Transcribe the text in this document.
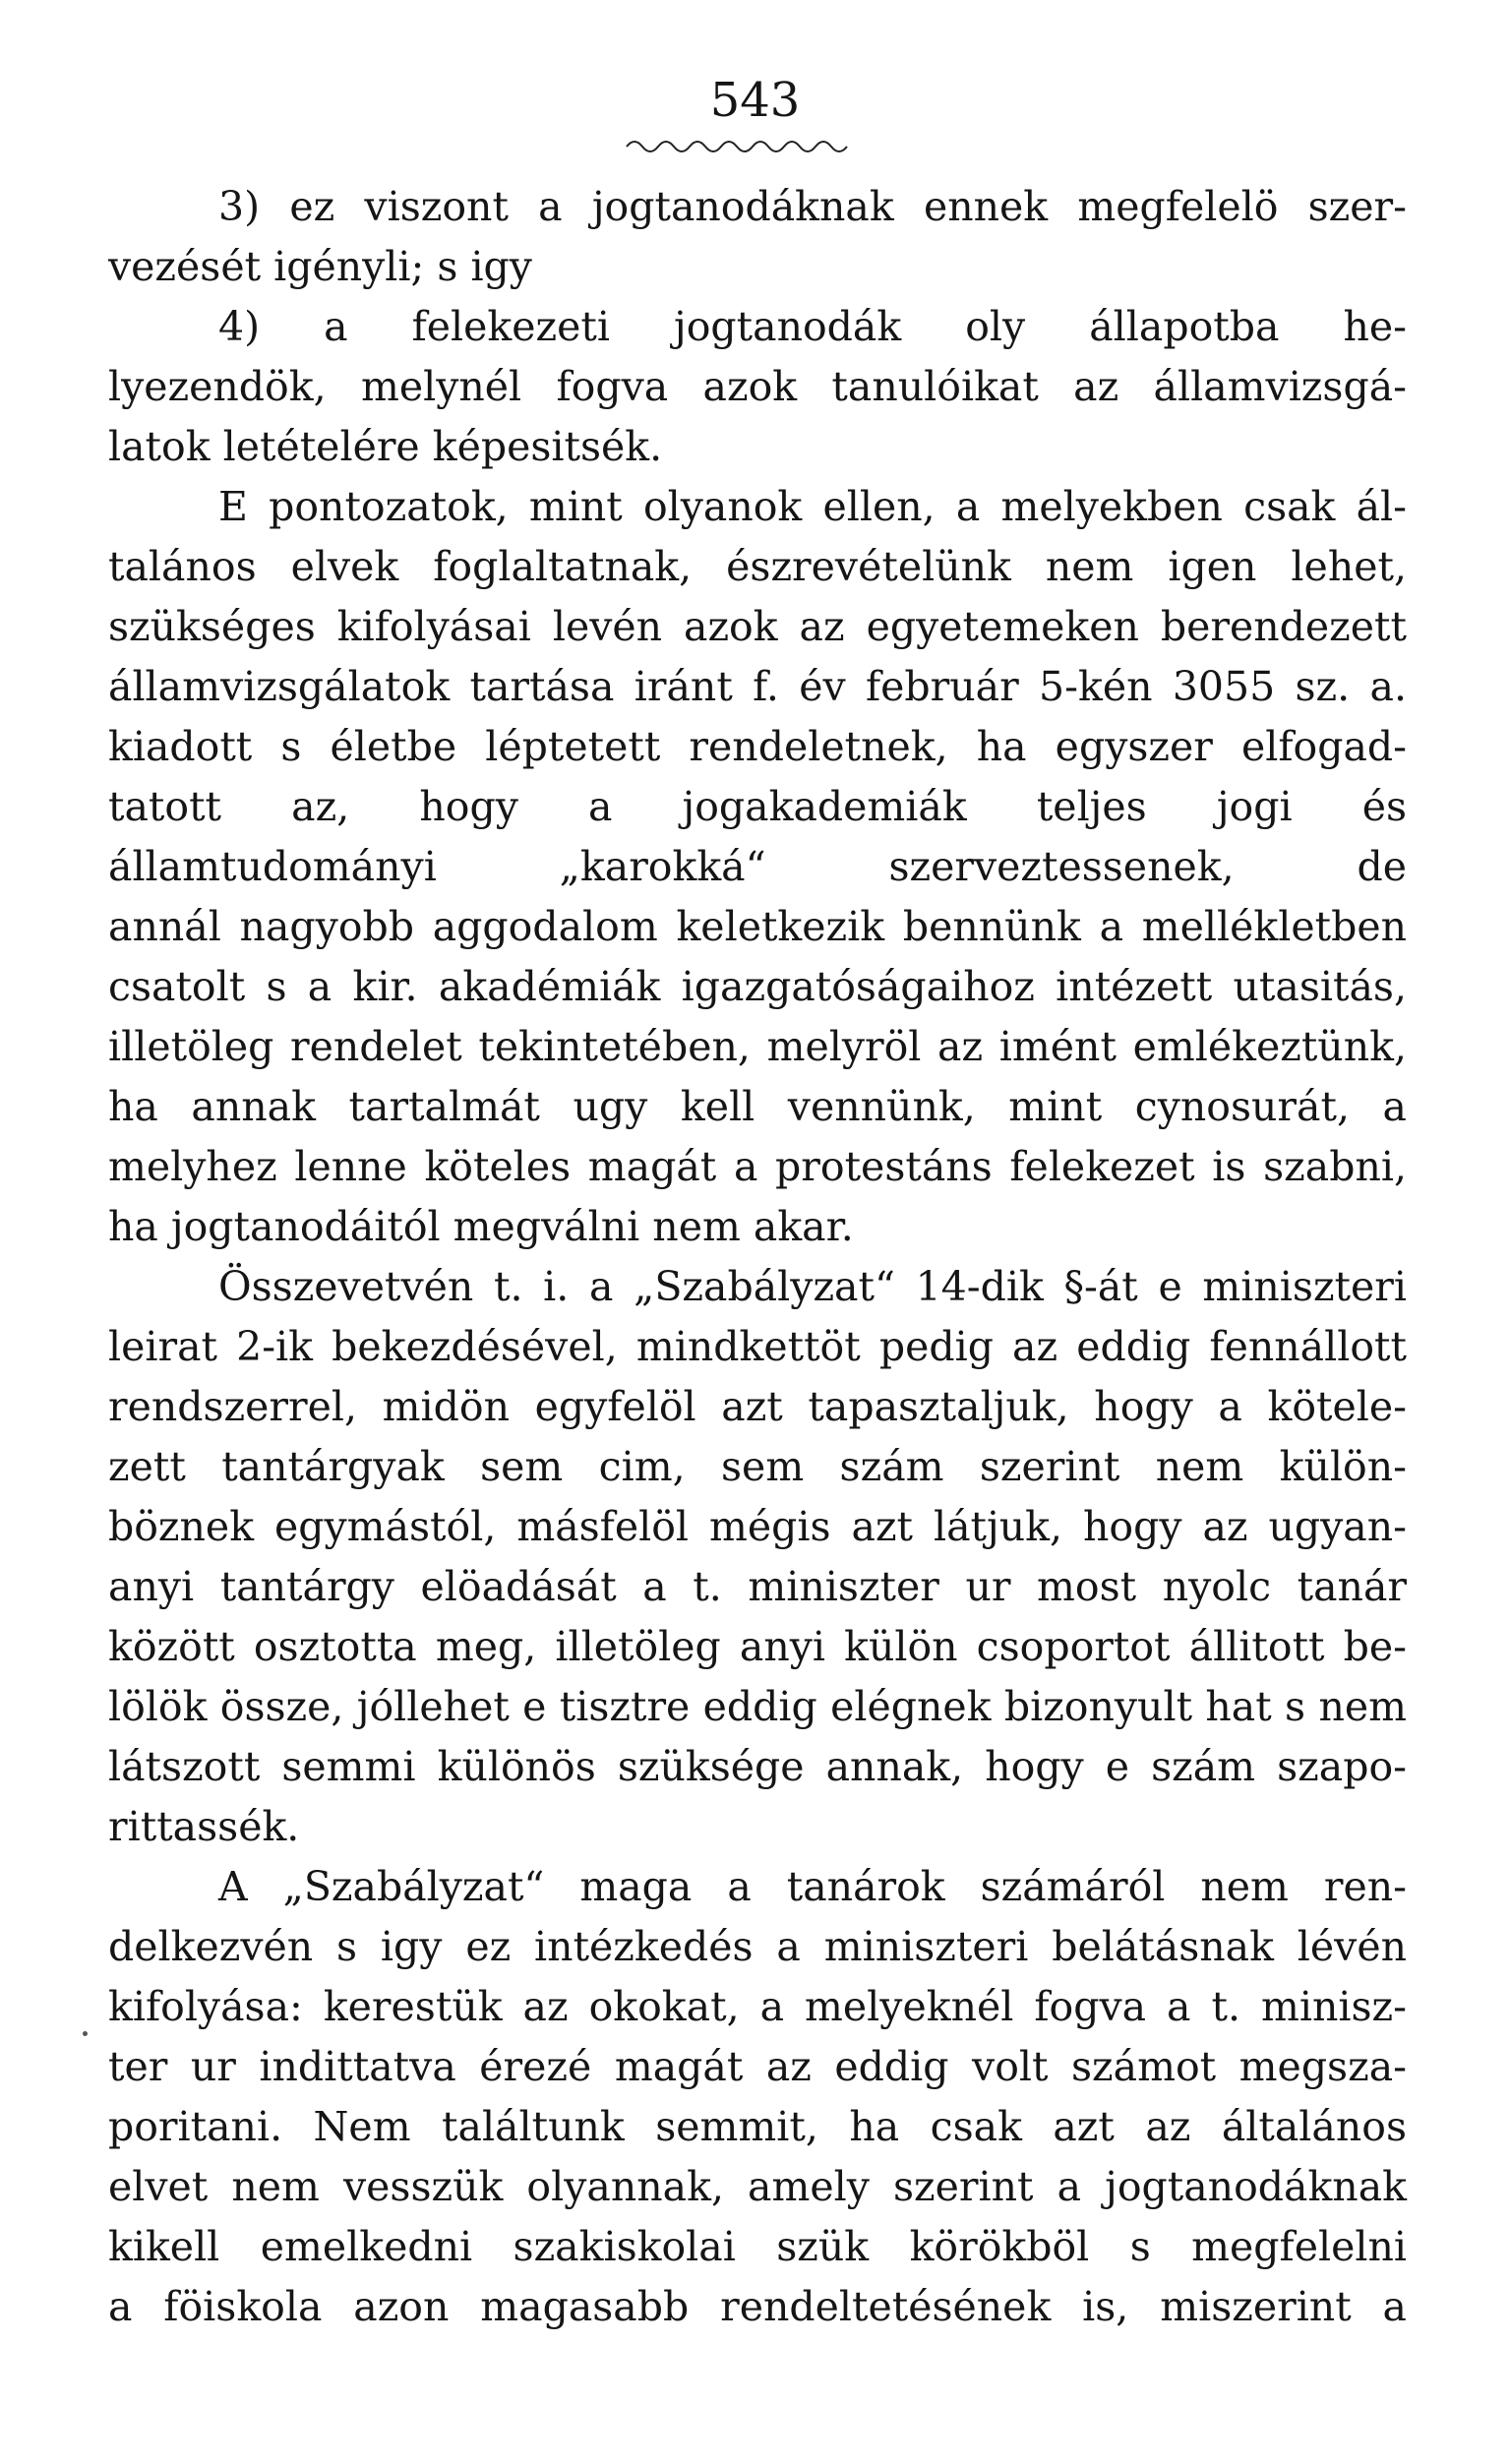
543
3) ez viszont a jogtanodáknak ennek megfelelö szer-
vezését igényli; s igy
4) a felekezeti jogtanodák oly állapotba he-
lyezendök, melynél fogva azok tanulóikat az államvizsgá-
latok letételére képesitsék.
E pontozatok, mint olyanok ellen, a melyekben csak ál-
talános elvek foglaltatnak, észrevételünk nem igen lehet,
szükséges kifolyásai levén azok az egyetemeken berendezett
államvizsgálatok tartása iránt f. év február 5-kén 3055 sz. a.
kiadott s életbe léptetett rendeletnek, ha egyszer elfogad-
tatott az, hogy a jogakademiák teljes jogi és
államtudományi „karokká“ szerveztessenek, de
annál nagyobb aggodalom keletkezik bennünk a mellékletben
csatolt s a kir. akadémiák igazgatóságaihoz intézett utasitás,
illetöleg rendelet tekintetében, melyröl az imént emlékeztünk,
ha annak tartalmát ugy kell vennünk, mint cynosurát, a
melyhez lenne köteles magát a protestáns felekezet is szabni,
ha jogtanodáitól megválni nem akar.
Összevetvén t. i. a „Szabályzat“ 14-dik §-át e miniszteri
leirat 2-ik bekezdésével, mindkettöt pedig az eddig fennállott
rendszerrel, midön egyfelöl azt tapasztaljuk, hogy a kötele-
zett tantárgyak sem cim, sem szám szerint nem külön-
böznek egymástól, másfelöl mégis azt látjuk, hogy az ugyan-
anyi tantárgy elöadását a t. miniszter ur most nyolc tanár
között osztotta meg, illetöleg anyi külön csoportot állitott be-
lölök össze, jóllehet e tisztre eddig elégnek bizonyult hat s nem
látszott semmi különös szüksége annak, hogy e szám szapo-
rittassék.
A „Szabályzat“ maga a tanárok számáról nem ren-
delkezvén s igy ez intézkedés a miniszteri belátásnak lévén
kifolyása: kerestük az okokat, a melyeknél fogva a t. minisz-
ter ur indittatva érezé magát az eddig volt számot megsza-
poritani. Nem találtunk semmit, ha csak azt az általános
elvet nem vesszük olyannak, amely szerint a jogtanodáknak
kikell emelkedni szakiskolai szük körökböl s megfelelni
a föiskola azon magasabb rendeltetésének is, miszerint a
